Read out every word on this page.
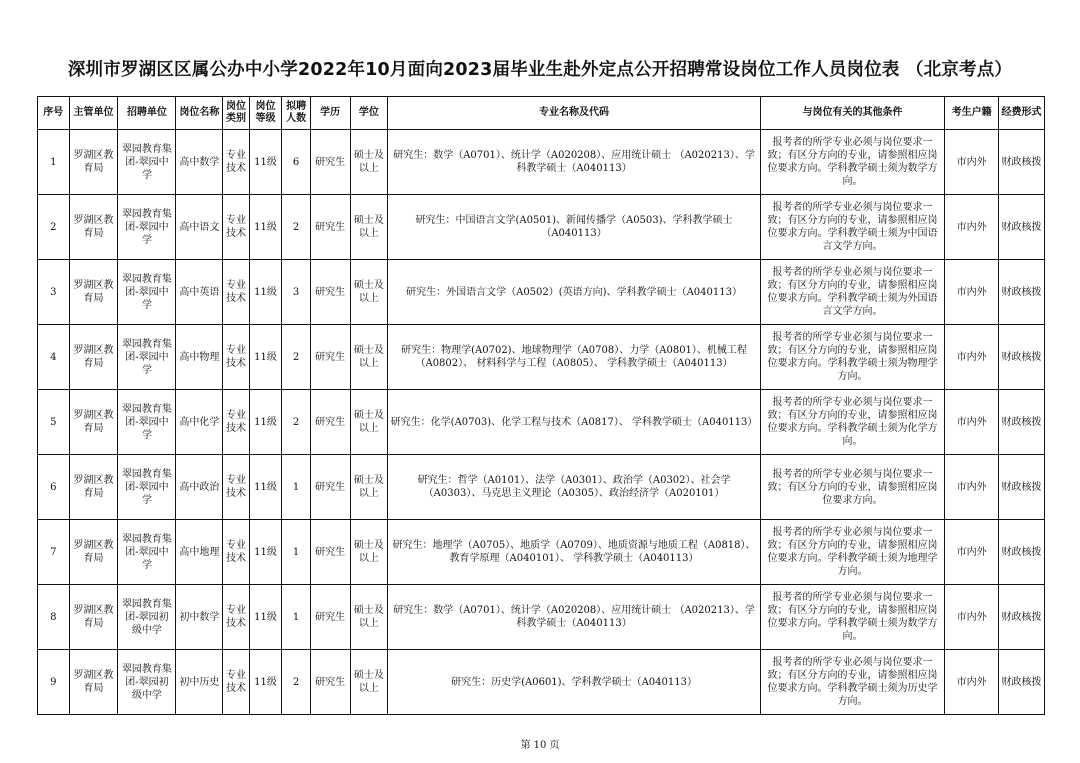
深圳市罗湖区区属公办中小学2022年10月面向2023届毕业生赴外定点公开招聘常设岗位工作人员岗位表 （北京考点）
序号	主管单位	招聘单位	岗位名称	岗位类别	岗位等级	拟聘人数	学历	学位	专业名称及代码	与岗位有关的其他条件	考生户籍	经费形式
1	罗湖区教育局	翠园教育集团-翠园中学	高中数学	专业技术	11级	6	研究生	硕士及以上	研究生：数学（A0701）、统计学（A020208）、应用统计硕士 （A020213）、学科教学硕士（A040113）	报考者的所学专业必须与岗位要求一致；有区分方向的专业，请参照相应岗位要求方向。学科教学硕士须为数学方向。	市内外	财政核拨
2	罗湖区教育局	翠园教育集团-翠园中学	高中语文	专业技术	11级	2	研究生	硕士及以上	研究生：中国语言文学(A0501)、新闻传播学（A0503)、学科教学硕士（A040113）	报考者的所学专业必须与岗位要求一致；有区分方向的专业，请参照相应岗位要求方向。学科教学硕士须为中国语言文学方向。	市内外	财政核拨
3	罗湖区教育局	翠园教育集团-翠园中学	高中英语	专业技术	11级	3	研究生	硕士及以上	研究生：外国语言文学（A0502）(英语方向)、学科教学硕士（A040113）	报考者的所学专业必须与岗位要求一致；有区分方向的专业，请参照相应岗位要求方向。学科教学硕士须为外国语言文学方向。	市内外	财政核拨
4	罗湖区教育局	翠园教育集团-翠园中学	高中物理	专业技术	11级	2	研究生	硕士及以上	研究生：物理学(A0702)、地球物理学（A0708）、力学（A0801）、机械工程（A0802）、 材料科学与工程（A0805）、 学科教学硕士（A040113）	报考者的所学专业必须与岗位要求一致；有区分方向的专业，请参照相应岗位要求方向。学科教学硕士须为物理学方向。	市内外	财政核拨
5	罗湖区教育局	翠园教育集团-翠园中学	高中化学	专业技术	11级	2	研究生	硕士及以上	研究生：化学(A0703)、化学工程与技术（A0817）、 学科教学硕士（A040113）	报考者的所学专业必须与岗位要求一致；有区分方向的专业，请参照相应岗位要求方向。学科教学硕士须为化学方向。	市内外	财政核拨
6	罗湖区教育局	翠园教育集团-翠园中学	高中政治	专业技术	11级	1	研究生	硕士及以上	研究生：哲学（A0101）、法学（A0301）、政治学（A0302）、社会学（A0303）、马克思主义理论（A0305）、政治经济学（A020101）	报考者的所学专业必须与岗位要求一致；有区分方向的专业，请参照相应岗位要求方向。	市内外	财政核拨
7	罗湖区教育局	翠园教育集团-翠园中学	高中地理	专业技术	11级	1	研究生	硕士及以上	研究生：地理学（A0705）、地质学（A0709）、地质资源与地质工程（A0818）、教育学原理（A040101）、 学科教学硕士（A040113）	报考者的所学专业必须与岗位要求一致；有区分方向的专业，请参照相应岗位要求方向。学科教学硕士须为地理学方向。	市内外	财政核拨
8	罗湖区教育局	翠园教育集团-翠园初级中学	初中数学	专业技术	11级	1	研究生	硕士及以上	研究生：数学（A0701）、统计学（A020208）、应用统计硕士 （A020213）、学科教学硕士（A040113）	报考者的所学专业必须与岗位要求一致；有区分方向的专业，请参照相应岗位要求方向。学科教学硕士须为数学方向。	市内外	财政核拨
9	罗湖区教育局	翠园教育集团-翠园初级中学	初中历史	专业技术	11级	2	研究生	硕士及以上	研究生：历史学(A0601)、学科教学硕士（A040113）	报考者的所学专业必须与岗位要求一致；有区分方向的专业，请参照相应岗位要求方向。学科教学硕士须为历史学方向。	市内外	财政核拨
第 10 页
